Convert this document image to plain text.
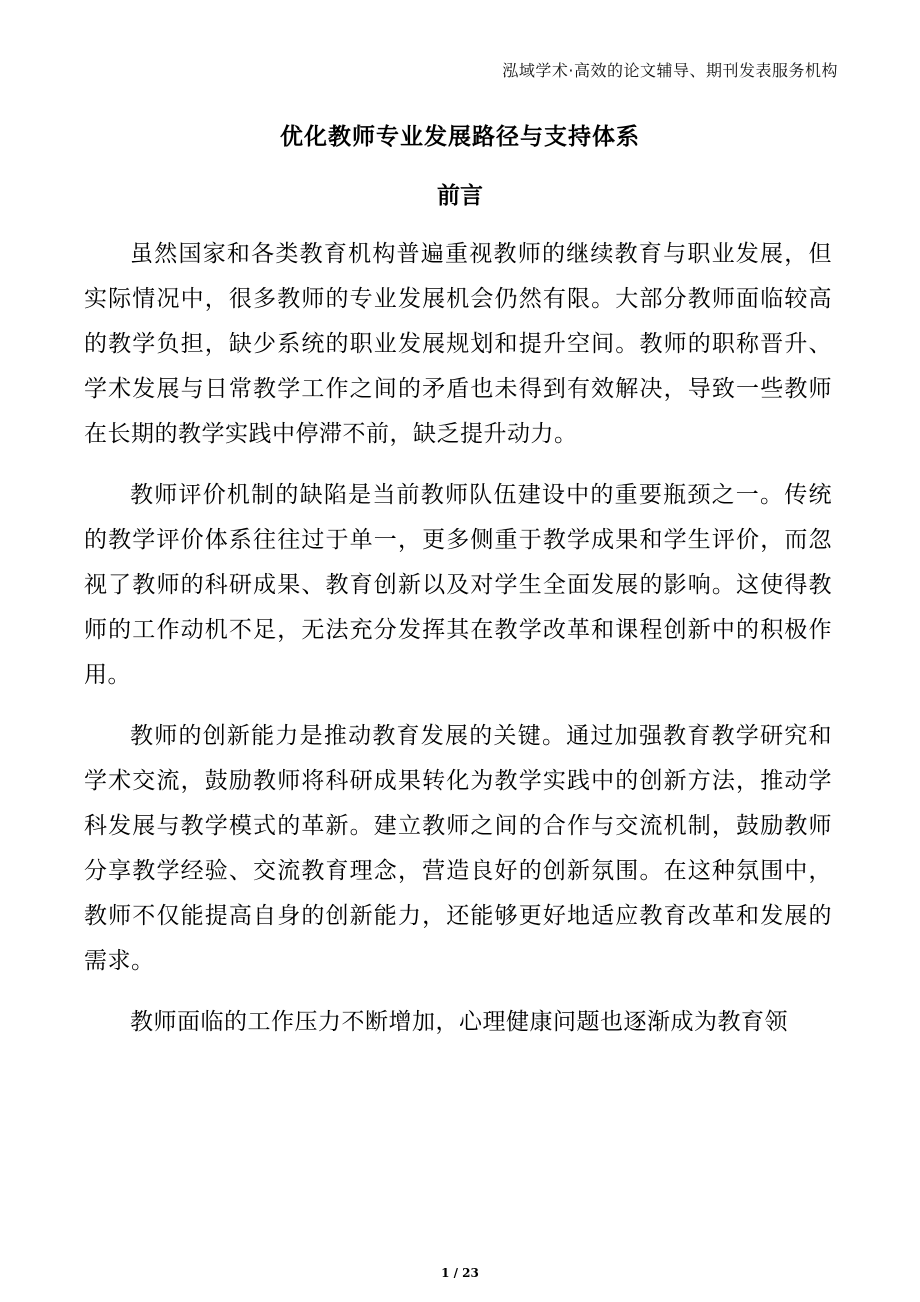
泓域学术·高效的论文辅导、期刊发表服务机构
优化教师专业发展路径与支持体系
前言

虽然国家和各类教育机构普遍重视教师的继续教育与职业发展，但实际情况中，很多教师的专业发展机会仍然有限。大部分教师面临较高的教学负担，缺少系统的职业发展规划和提升空间。教师的职称晋升、学术发展与日常教学工作之间的矛盾也未得到有效解决，导致一些教师在长期的教学实践中停滞不前，缺乏提升动力。

教师评价机制的缺陷是当前教师队伍建设中的重要瓶颈之一。传统的教学评价体系往往过于单一，更多侧重于教学成果和学生评价，而忽视了教师的科研成果、教育创新以及对学生全面发展的影响。这使得教师的工作动机不足，无法充分发挥其在教学改革和课程创新中的积极作用。

教师的创新能力是推动教育发展的关键。通过加强教育教学研究和学术交流，鼓励教师将科研成果转化为教学实践中的创新方法，推动学科发展与教学模式的革新。建立教师之间的合作与交流机制，鼓励教师分享教学经验、交流教育理念，营造良好的创新氛围。在这种氛围中，教师不仅能提高自身的创新能力，还能够更好地适应教育改革和发展的需求。

教师面临的工作压力不断增加，心理健康问题也逐渐成为教育领

1 / 23
